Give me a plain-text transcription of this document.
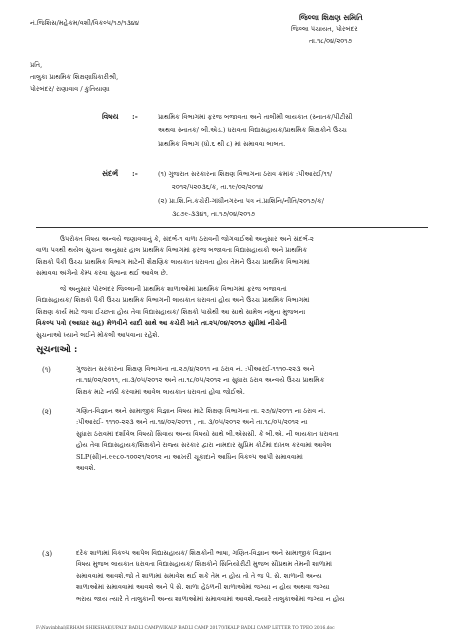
નં.જિશિસ/મહેકમ/વશી/વિકલ્પ/૧૭/૧૩૪૪
જિલ્લા શિક્ષણ સમિતિ
જિલ્લા પંચાયત, પોરબંદર
તા.૧૮/૦૪/૨૦૧૭
પ્રતિ,
તાલુકા પ્રાથમિક શિક્ષણાધિકારીશ્રી,
પોરબંદર/ રાણાવાવ / કુતિયાણા
વિષય :-	પ્રાથમિક વિભાગમાં ફરજ બજાવતા અને તાલીમી લાયકાત (સ્નાતક/પીટીસી
અથવા સ્નાતક/ બી.એડ.) ધરાવતા વિદ્યાસહાયક/પ્રાથમિક શિક્ષકોને ઉચ્ચ
પ્રાથમિક વિભાગ (ધો.૬ થી ૮) માં સમાવવા બાબત.
સંદર્ભ :-	(૧) ગુજરાત સરકારના શિક્ષણ વિભાગના ઠરાવ ક્રમાંક :પીઆરઈ/૧૧/
૨૦૧૨/૫૨૦૩૬/ક, તા.૧૯/૦૨/૨૦૧૪
(૨) પ્રા.શિ.નિ.કચેરી-ગાંધીનગરના પત્ર નં.પ્રાશિનિ/નીતિ/૨૦૧૭/ક/
૩૮૭૯-૩૩૪૧, તા.૧૭/૦૪/૨૦૧૭
ઉપરોક્ત વિષય અન્વયે જણાવવાનું કે, સંદર્ભ-૧ વાળા ઠરાવની જોગવાઈઓ અનુસાર અને સંદર્ભ-૨
વાળા પત્રથી થયેલ સુચના અનુસાર હાલ પ્રાથમિક વિભાગમાં ફરજ બજાવતા વિદ્યાસહાયકો અને પ્રાથમિક
શિક્ષકો પૈકી ઉચ્ચ પ્રાથમિક વિભાગ માટેની શૈક્ષણિક લાયકાત ધરાવતા હોય તેમને ઉચ્ચ પ્રાથમિક વિભાગમાં
સમાવવા અંગેનો કેમ્પ કરવા સુચના થઈ આવેલ છે.
જે અનુસાર પોરબંદર જિલ્લાની પ્રાથમિક શાળાઓમાં પ્રાથમિક વિભાગમાં ફરજ બજાવતાં
વિદ્યાસહાયક/ શિક્ષકો પૈકી ઉચ્ચ પ્રાથમિક વિભાગની લાયકાત ધરાવતાં હોય અને ઉચ્ચ પ્રાથમિક વિભાગમાં
શિક્ષણ કાર્ય માટે જવા ઈચ્છતા હોય તેવા વિદ્યાસહાયક/ શિક્ષકો પાસેથી આ સાથે સામેલ નમુના મુજબના
વિકલ્પ પત્રો (આધાર સહ) મેળવીને યાદી સાથે આ કચેરી ખાતે તા.૨૫/૦૪/૨૦૧૭ સુધીમાં નીચેની
સુચનાઓ ધ્યાને લઈને મોકલી આપવાના રહેશે.
સૂચનાઓ :
(૧)	ગુજરાત સરકારના શિક્ષણ વિભાગના તા.૨૭/૪/૨૦૧૧ ના ઠરાવ નં. :પીઆરઈ-૧૧૧૦-૨૨૩ અને
તા.૧૪/૦૨/૨૦૧૧, તા.૩/૦૫/૨૦૧૨ અને તા.૧૮/૦૫/૨૦૧૨ ના સુધારા ઠરાવ અન્વયે ઉચ્ચ પ્રાથમિક
શિક્ષક માટે નક્કી કરવામાં આવેલ લાયકાત ધરાવતાં હોવા જોઈએ.
(૨)	ગણિત-વિજ્ઞાન અને સામાજીક વિજ્ઞાન વિષય માટે શિક્ષણ વિભાગના તા. ૨૭/૪/૨૦૧૧ ના ઠરાવ નં.
:પીઆરઈ- ૧૧૧૦-૨૨૩ અને તા.૧૪/૦૨/૨૦૧૧ , તા. ૩/૦૫/૨૦૧૨ અને તા.૧૮/૦૫/૨૦૧૨ ના
સુધારા ઠરાવમાં દર્શાવેલ વિષયો સિવાય અન્ય વિષયો સાથે બી.એસસી. કે બી.એ. ની લાયકાત ધરાવતા
હોય તેવા વિદ્યાસહાયક/શિક્ષકોને રાજ્ય સરકાર દ્વારા નામદાર સુપ્રિમ કોર્ટમાં દાખલ કરવામાં આવેલ
SLP(સી)નં.૯૯૮૦-૧૦૦૨૧/૨૦૧૨ ના આખરી ચૂકાદાને આધિન વિકલ્પ આપી સમાવવામાં
આવશે.
(૩)	દરેક શાળામાં વિકલ્પ આપેલ વિદ્યાસહાયક/ શિક્ષકોની ભાષા, ગણિત-વિજ્ઞાન અને સામાજીક વિજ્ઞાન
વિષય મુજબ લાયકાત ધરાવતા વિદ્યાસહાયક/ શિક્ષકોને સિનિયોરીટી મુજબ સૌપ્રથમ તેમની શાળામાં
સમાવવામાં આવશે.જો તે શાળામાં સમાવેશ થઈ શકે તેમ ન હોય તો તે જ પે. સે. શાળાની અન્ય
શાળાઓમાં સમાવવામાં આવશે અને પે સે. શાળા હેઠળની શાળાઓમાં જગ્યા ન હોય અથવા જગ્યા
ભરાય જાય ત્યારે તે તાલુકાની અન્ય શાળાઓમાં સમાવવામાં આવશે.જ્યારે તાલુકાઓમાં જગ્યા ન હોય
F:\Navinbhai\ERHAM SHIKSHAK\UPALY BADLI CAMP\VIKALP BADLI CAMP 2017\VIKALP BADLI CAMP LETTER TO TPEO 2016.doc
